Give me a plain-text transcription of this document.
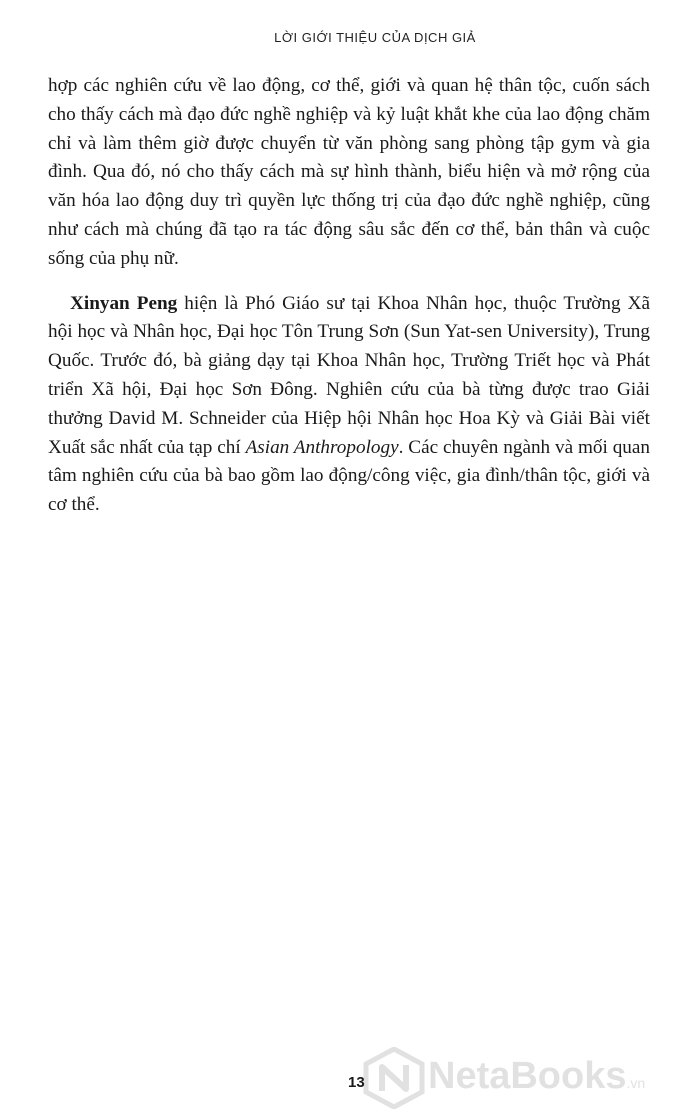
LỜI GIỚI THIỆU CỦA DỊCH GIẢ

hợp các nghiên cứu về lao động, cơ thể, giới và quan hệ thân tộc, cuốn sách cho thấy cách mà đạo đức nghề nghiệp và kỷ luật khắt khe của lao động chăm chỉ và làm thêm giờ được chuyển từ văn phòng sang phòng tập gym và gia đình. Qua đó, nó cho thấy cách mà sự hình thành, biểu hiện và mở rộng của văn hóa lao động duy trì quyền lực thống trị của đạo đức nghề nghiệp, cũng như cách mà chúng đã tạo ra tác động sâu sắc đến cơ thể, bản thân và cuộc sống của phụ nữ.

Xinyan Peng hiện là Phó Giáo sư tại Khoa Nhân học, thuộc Trường Xã hội học và Nhân học, Đại học Tôn Trung Sơn (Sun Yat-sen University), Trung Quốc. Trước đó, bà giảng dạy tại Khoa Nhân học, Trường Triết học và Phát triển Xã hội, Đại học Sơn Đông. Nghiên cứu của bà từng được trao Giải thưởng David M. Schneider của Hiệp hội Nhân học Hoa Kỳ và Giải Bài viết Xuất sắc nhất của tạp chí Asian Anthropology. Các chuyên ngành và mối quan tâm nghiên cứu của bà bao gồm lao động/công việc, gia đình/thân tộc, giới và cơ thể.

13 NetaBooks.vn
